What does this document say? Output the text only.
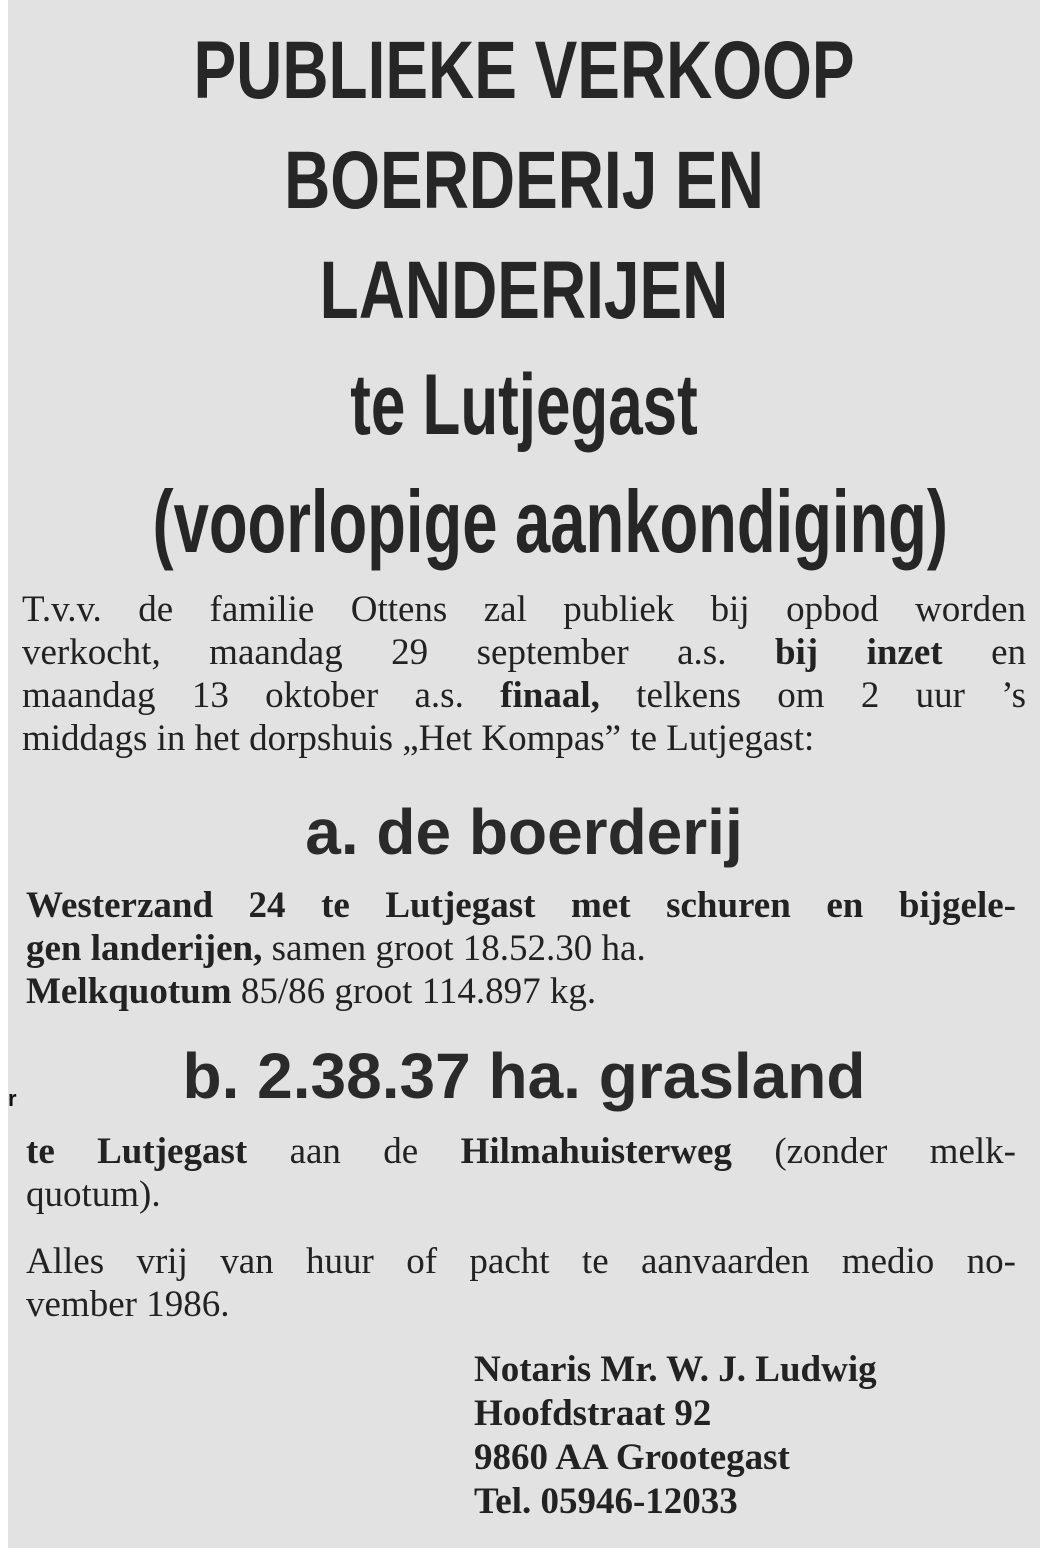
PUBLIEKE VERKOOP
BOERDERIJ EN
LANDERIJEN
te Lutjegast
(voorlopige aankondiging)
T.v.v. de familie Ottens zal publiek bij opbod worden
verkocht, maandag 29 september a.s. bij inzet en
maandag 13 oktober a.s. finaal, telkens om 2 uur ’s
middags in het dorpshuis „Het Kompas” te Lutjegast:
a. de boerderij
Westerzand 24 te Lutjegast met schuren en bijgele-
gen landerijen, samen groot 18.52.30 ha.
Melkquotum 85/86 groot 114.897 kg.
r	b. 2.38.37 ha. grasland
te Lutjegast aan de Hilmahuisterweg (zonder melk-
quotum).
Alles vrij van huur of pacht te aanvaarden medio no-
vember 1986.
Notaris Mr. W. J. Ludwig
Hoofdstraat 92
9860 AA Grootegast
Tel. 05946-12033
